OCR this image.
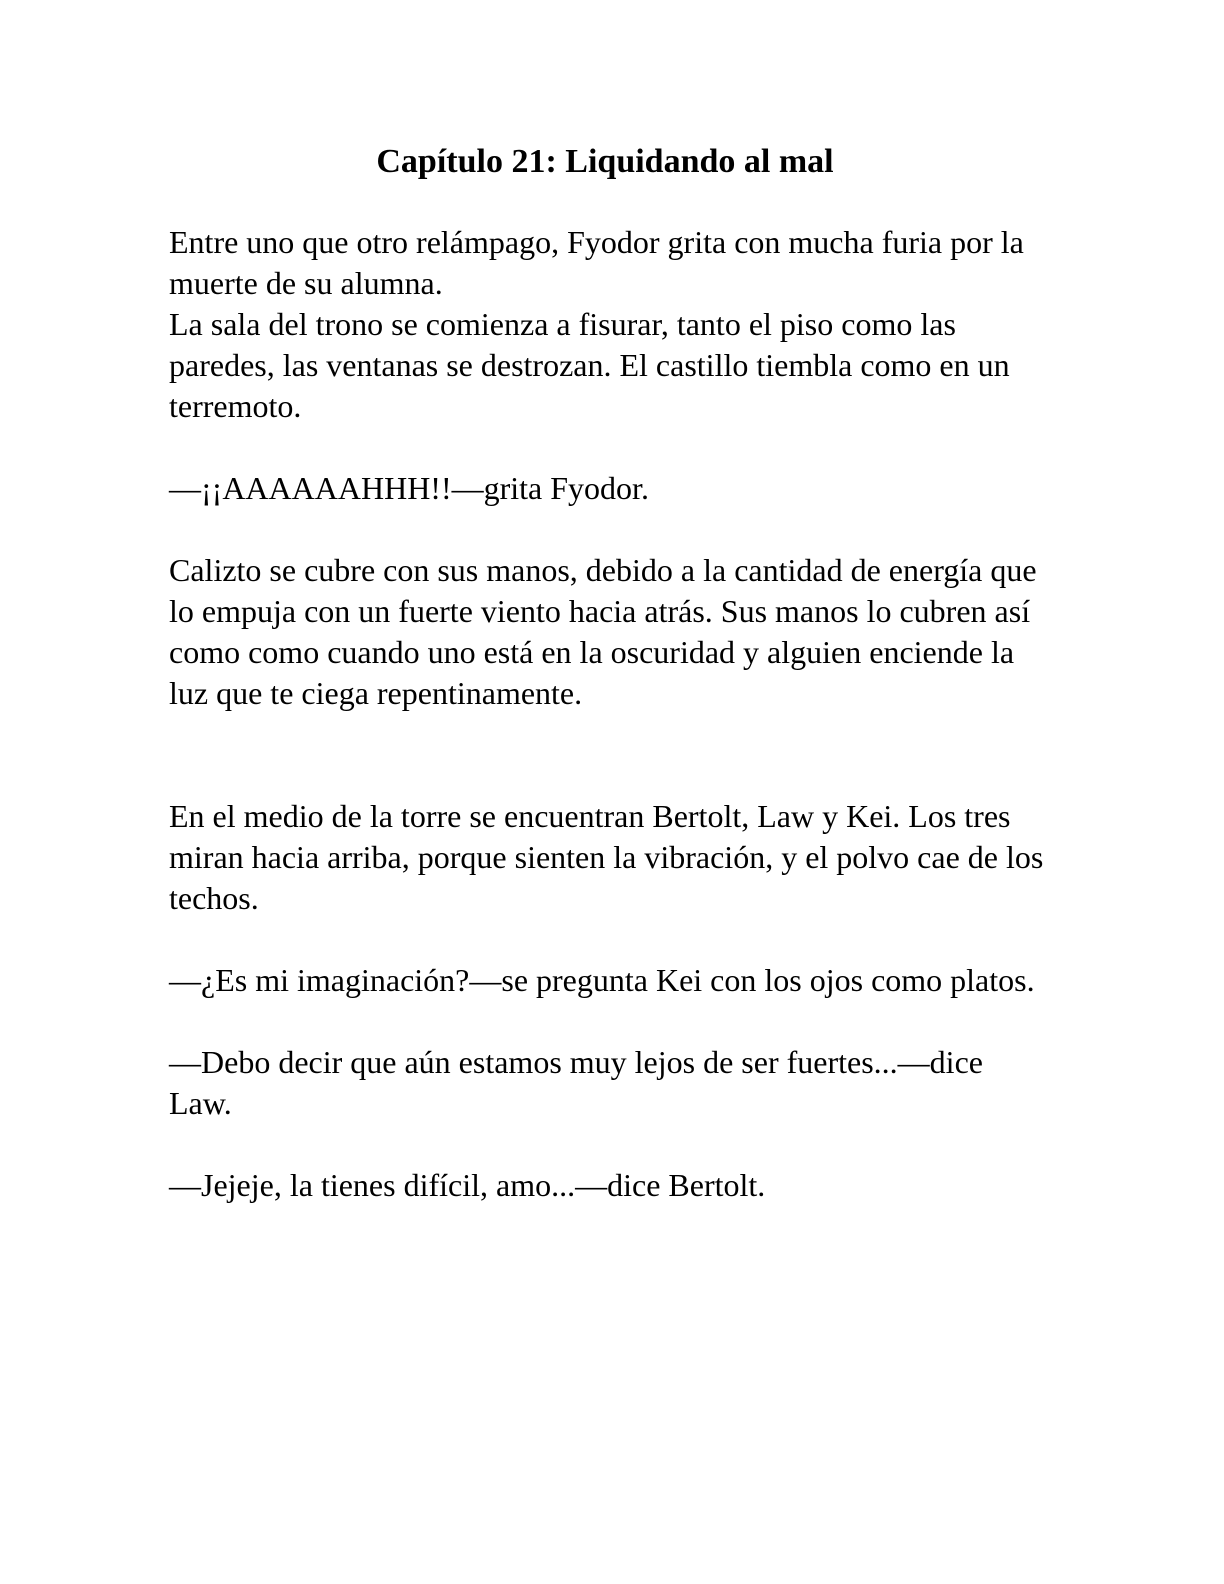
Capítulo 21: Liquidando al mal

Entre uno que otro relámpago, Fyodor grita con mucha furia por la muerte de su alumna.

La sala del trono se comienza a fisurar, tanto el piso como las paredes, las ventanas se destrozan. El castillo tiembla como en un terremoto.

—¡¡AAAAAAHHH!!—grita Fyodor.

Calizto se cubre con sus manos, debido a la cantidad de energía que lo empuja con un fuerte viento hacia atrás. Sus manos lo cubren así como como cuando uno está en la oscuridad y alguien enciende la luz que te ciega repentinamente.

En el medio de la torre se encuentran Bertolt, Law y Kei. Los tres miran hacia arriba, porque sienten la vibración, y el polvo cae de los techos.

—¿Es mi imaginación?—se pregunta Kei con los ojos como platos.

—Debo decir que aún estamos muy lejos de ser fuertes...—dice Law.

—Jejeje, la tienes difícil, amo...—dice Bertolt.
